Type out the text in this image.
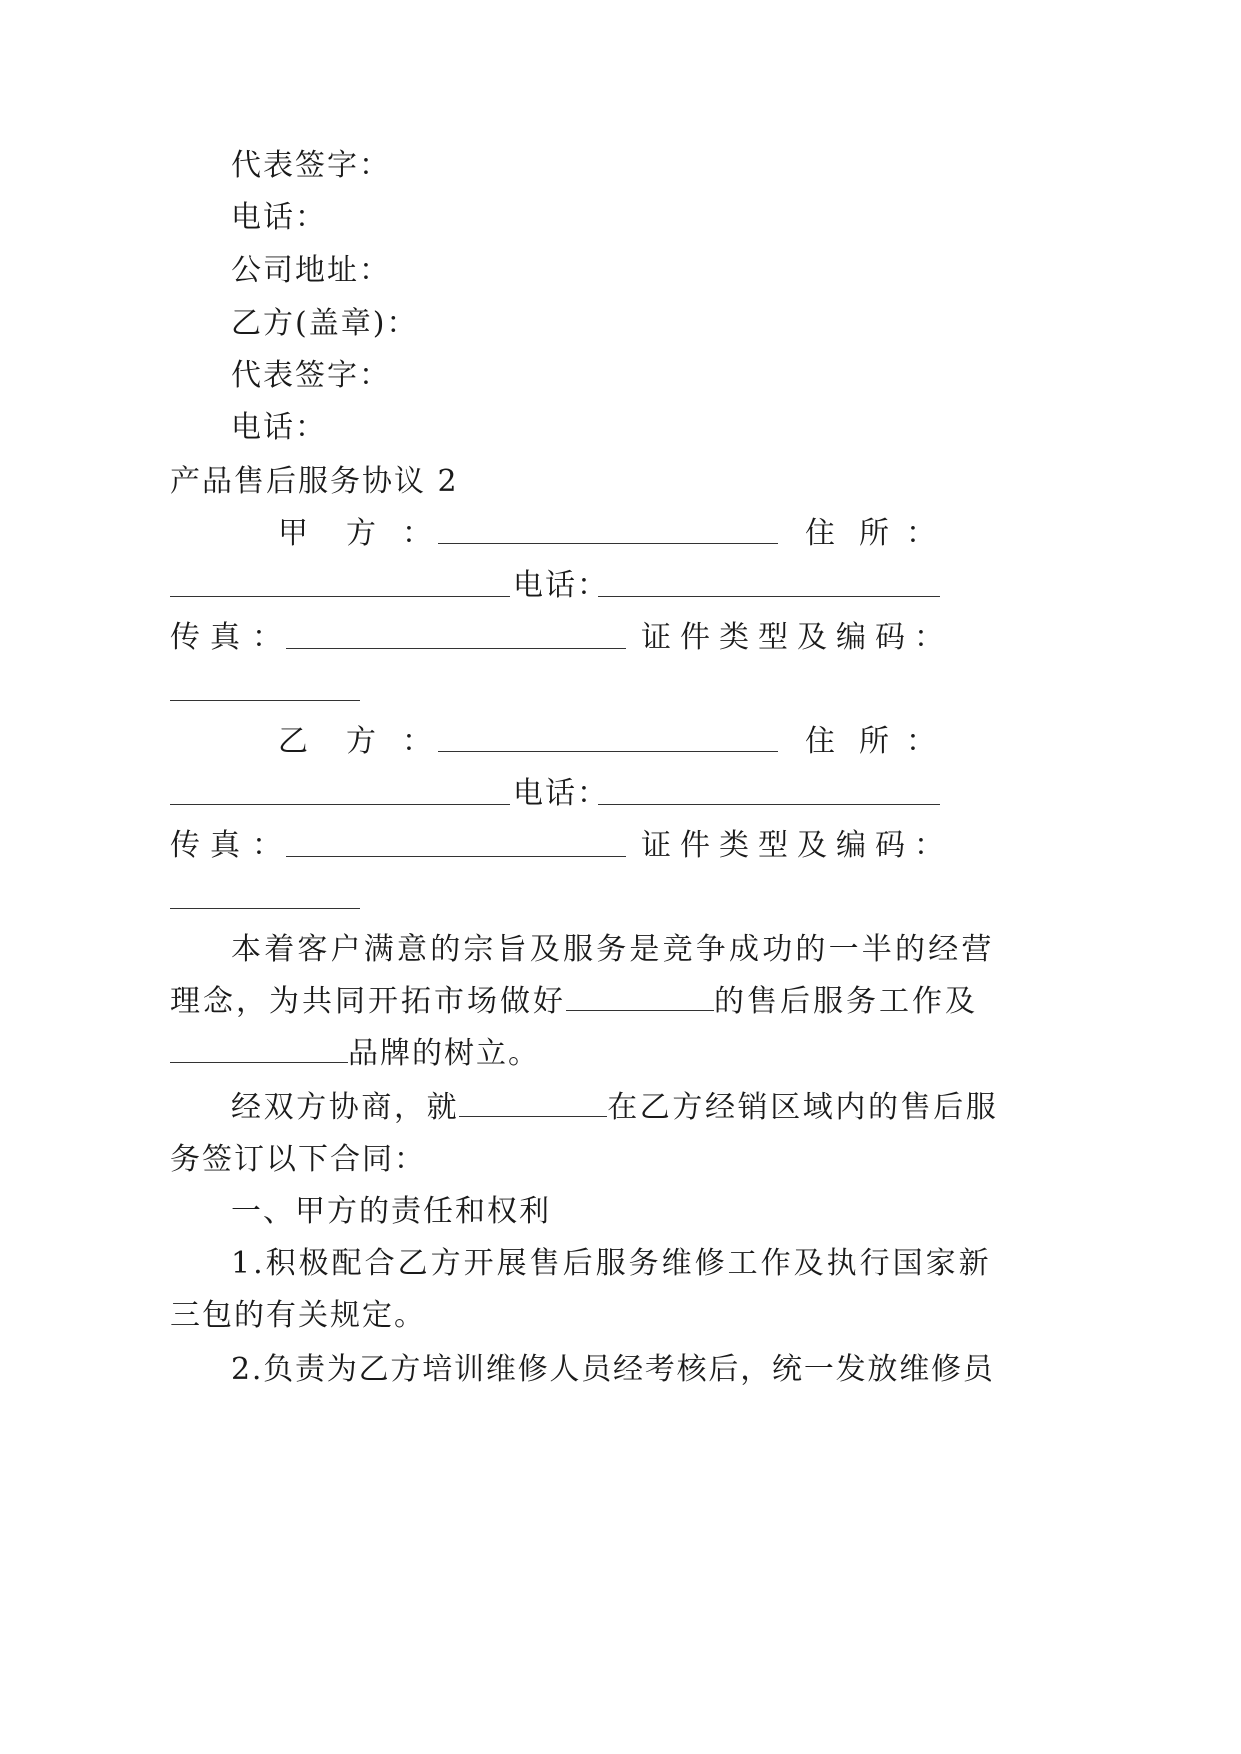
代表签字：
电话：
公司地址：
乙方(盖章)：
代表签字：
电话：
产品售后服务协议 2
甲 方 ：	住 所 ：
电话：
传 真 ：	证件类型及编码：
乙 方 ：	住 所 ：
电话：
传 真 ：	证件类型及编码：
本着客户满意的宗旨及服务是竞争成功的一半的经营
理念，为共同开拓市场做好	的售后服务工作及
品牌的树立。
经双方协商，就	在乙方经销区域内的售后服
务签订以下合同：
一、甲方的责任和权利
1.积极配合乙方开展售后服务维修工作及执行国家新
三包的有关规定。
2.负责为乙方培训维修人员经考核后，统一发放维修员
